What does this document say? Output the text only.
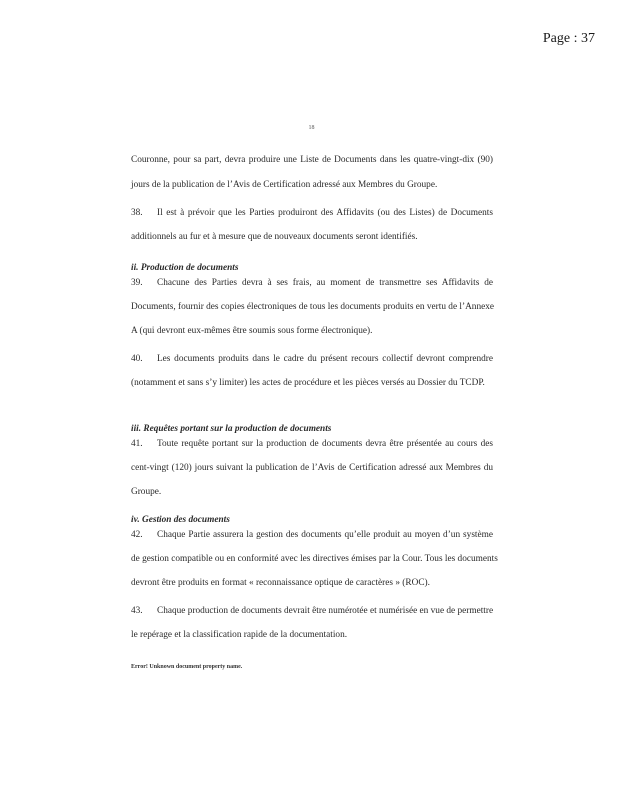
Page : 37
18
Couronne, pour sa part, devra produire une Liste de Documents dans les quatre-vingt-dix (90)
jours de la publication de l’Avis de Certification adressé aux Membres du Groupe.
38. Il est à prévoir que les Parties produiront des Affidavits (ou des Listes) de Documents
additionnels au fur et à mesure que de nouveaux documents seront identifiés.
ii. Production de documents
39. Chacune des Parties devra à ses frais, au moment de transmettre ses Affidavits de
Documents, fournir des copies électroniques de tous les documents produits en vertu de l’Annexe
A (qui devront eux-mêmes être soumis sous forme électronique).
40. Les documents produits dans le cadre du présent recours collectif devront comprendre
(notamment et sans s’y limiter) les actes de procédure et les pièces versés au Dossier du TCDP.
iii. Requêtes portant sur la production de documents
41. Toute requête portant sur la production de documents devra être présentée au cours des
cent-vingt (120) jours suivant la publication de l’Avis de Certification adressé aux Membres du
Groupe.
iv. Gestion des documents
42. Chaque Partie assurera la gestion des documents qu’elle produit au moyen d’un système
de gestion compatible ou en conformité avec les directives émises par la Cour. Tous les documents
devront être produits en format « reconnaissance optique de caractères » (ROC).
43. Chaque production de documents devrait être numérotée et numérisée en vue de permettre
le repérage et la classification rapide de la documentation.
Error! Unknown document property name.
